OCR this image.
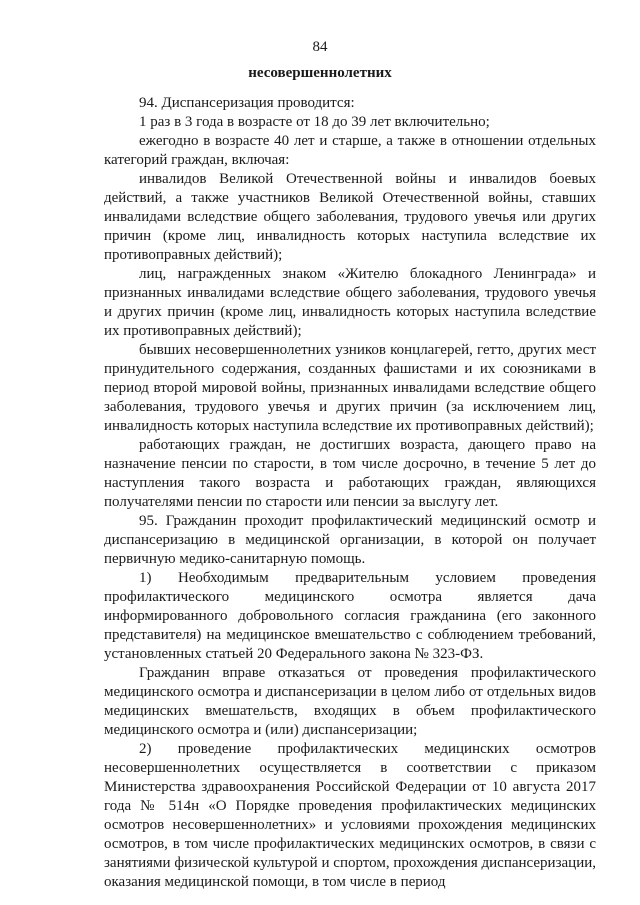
84
несовершеннолетних

94. Диспансеризация проводится:

1 раз в 3 года в возрасте от 18 до 39 лет включительно;

ежегодно в возрасте 40 лет и старше, а также в отношении отдельных категорий граждан, включая:

инвалидов Великой Отечественной войны и инвалидов боевых действий, а также участников Великой Отечественной войны, ставших инвалидами вследствие общего заболевания, трудового увечья или других причин (кроме лиц, инвалидность которых наступила вследствие их противоправных действий);

лиц, награжденных знаком «Жителю блокадного Ленинграда» и признанных инвалидами вследствие общего заболевания, трудового увечья и других причин (кроме лиц, инвалидность которых наступила вследствие их противоправных действий);

бывших несовершеннолетних узников концлагерей, гетто, других мест принудительного содержания, созданных фашистами и их союзниками в период второй мировой войны, признанных инвалидами вследствие общего заболевания, трудового увечья и других причин (за исключением лиц, инвалидность которых наступила вследствие их противоправных действий);

работающих граждан, не достигших возраста, дающего право на назначение пенсии по старости, в том числе досрочно, в течение 5 лет до наступления такого возраста и работающих граждан, являющихся получателями пенсии по старости или пенсии за выслугу лет.

95. Гражданин проходит профилактический медицинский осмотр и диспансеризацию в медицинской организации, в которой он получает первичную медико-санитарную помощь.

1) Необходимым предварительным условием проведения профилактического медицинского осмотра является дача информированного добровольного согласия гражданина (его законного представителя) на медицинское вмешательство с соблюдением требований, установленных статьей 20 Федерального закона № 323-ФЗ.

Гражданин вправе отказаться от проведения профилактического медицинского осмотра и диспансеризации в целом либо от отдельных видов медицинских вмешательств, входящих в объем профилактического медицинского осмотра и (или) диспансеризации;

2) проведение профилактических медицинских осмотров несовершеннолетних осуществляется в соответствии с приказом Министерства здравоохранения Российской Федерации от 10 августа 2017 года № 514н «О Порядке проведения профилактических медицинских осмотров несовершеннолетних» и условиями прохождения медицинских осмотров, в том числе профилактических медицинских осмотров, в связи с занятиями физической культурой и спортом, прохождения диспансеризации, оказания медицинской помощи, в том числе в период
